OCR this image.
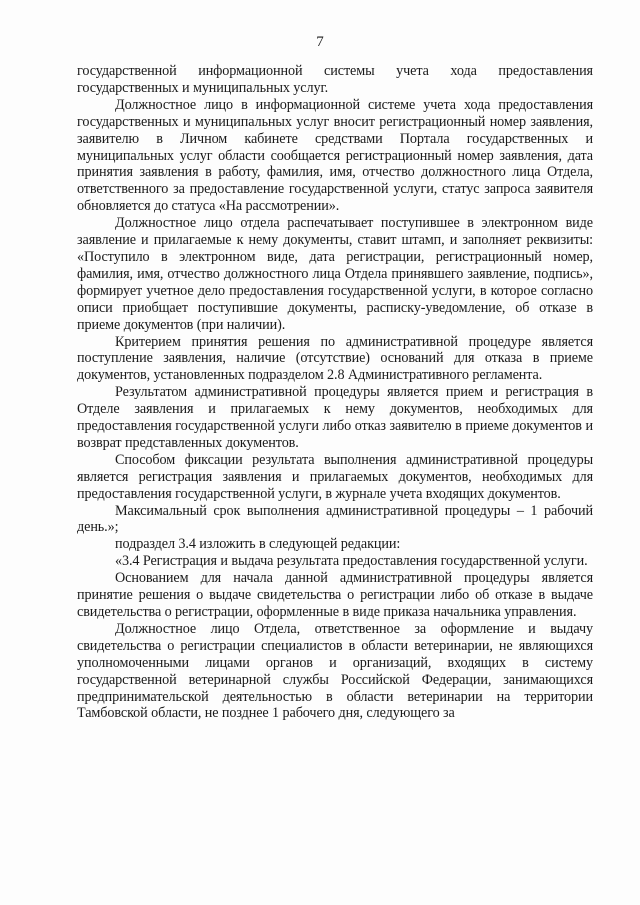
7

государственной информационной системы учета хода предоставления государственных и муниципальных услуг.

Должностное лицо в информационной системе учета хода предоставления государственных и муниципальных услуг вносит регистрационный номер заявления, заявителю в Личном кабинете средствами Портала государственных и муниципальных услуг области сообщается регистрационный номер заявления, дата принятия заявления в работу, фамилия, имя, отчество должностного лица Отдела, ответственного за предоставление государственной услуги, статус запроса заявителя обновляется до статуса «На рассмотрении».

Должностное лицо отдела распечатывает поступившее в электронном виде заявление и прилагаемые к нему документы, ставит штамп, и заполняет реквизиты: «Поступило в электронном виде, дата регистрации, регистрационный номер, фамилия, имя, отчество должностного лица Отдела принявшего заявление, подпись», формирует учетное дело предоставления государственной услуги, в которое согласно описи приобщает поступившие документы, расписку-уведомление, об отказе в приеме документов (при наличии).

Критерием принятия решения по административной процедуре является поступление заявления, наличие (отсутствие) оснований для отказа в приеме документов, установленных подразделом 2.8 Административного регламента.

Результатом административной процедуры является прием и регистрация в Отделе заявления и прилагаемых к нему документов, необходимых для предоставления государственной услуги либо отказ заявителю в приеме документов и возврат представленных документов.

Способом фиксации результата выполнения административной процедуры является регистрация заявления и прилагаемых документов, необходимых для предоставления государственной услуги, в журнале учета входящих документов.

Максимальный срок выполнения административной процедуры – 1 рабочий день.»;

подраздел 3.4 изложить в следующей редакции:

«3.4 Регистрация и выдача результата предоставления государственной услуги.

Основанием для начала данной административной процедуры является принятие решения о выдаче свидетельства о регистрации либо об отказе в выдаче свидетельства о регистрации, оформленные в виде приказа начальника управления.

Должностное лицо Отдела, ответственное за оформление и выдачу свидетельства о регистрации специалистов в области ветеринарии, не являющихся уполномоченными лицами органов и организаций, входящих в систему государственной ветеринарной службы Российской Федерации, занимающихся предпринимательской деятельностью в области ветеринарии на территории Тамбовской области, не позднее 1 рабочего дня, следующего за
